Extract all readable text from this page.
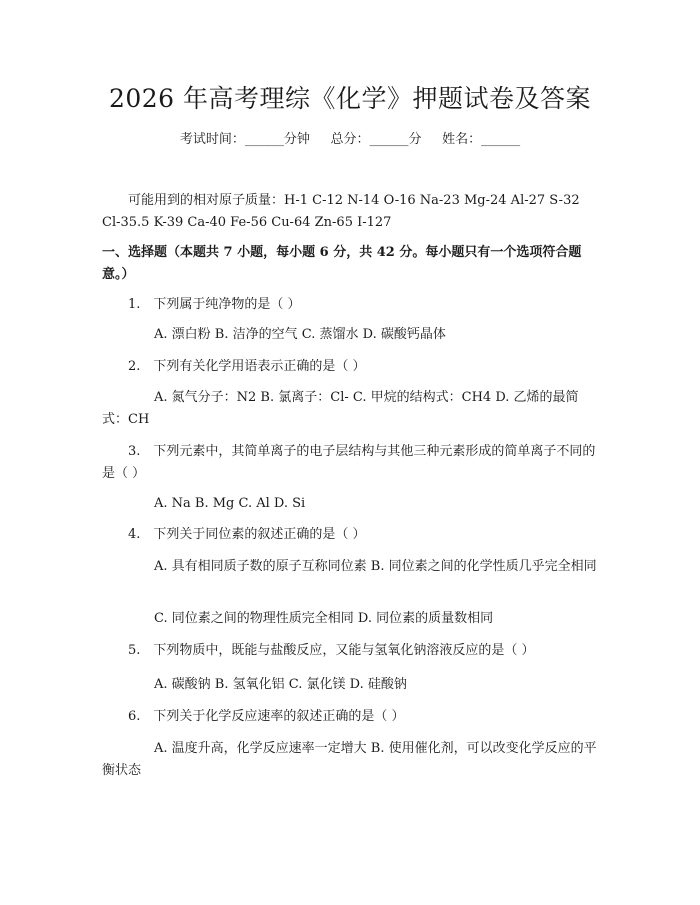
2026 年高考理综《化学》押题试卷及答案
考试时间：______分钟     总分：______分     姓名：______
可能用到的相对原子质量：H-1 C-12 N-14 O-16 Na-23 Mg-24 Al-27 S-32 Cl-35.5 K-39 Ca-40 Fe-56 Cu-64 Zn-65 I-127
一、选择题（本题共 7 小题，每小题 6 分，共 42 分。每小题只有一个选项符合题意。）
1.　下列属于纯净物的是（ ）
A. 漂白粉 B. 洁净的空气 C. 蒸馏水 D. 碳酸钙晶体
2.　下列有关化学用语表示正确的是（ ）
A. 氮气分子：N2 B. 氯离子：Cl- C. 甲烷的结构式：CH4 D. 乙烯的最简式：CH
3.　下列元素中，其简单离子的电子层结构与其他三种元素形成的简单离子不同的是（ ）
A. Na B. Mg C. Al D. Si
4.　下列关于同位素的叙述正确的是（ ）
A. 具有相同质子数的原子互称同位素 B. 同位素之间的化学性质几乎完全相同
C. 同位素之间的物理性质完全相同 D. 同位素的质量数相同
5.　下列物质中，既能与盐酸反应，又能与氢氧化钠溶液反应的是（ ）
A. 碳酸钠 B. 氢氧化铝 C. 氯化镁 D. 硅酸钠
6.　下列关于化学反应速率的叙述正确的是（ ）
A. 温度升高，化学反应速率一定增大 B. 使用催化剂，可以改变化学反应的平衡状态
